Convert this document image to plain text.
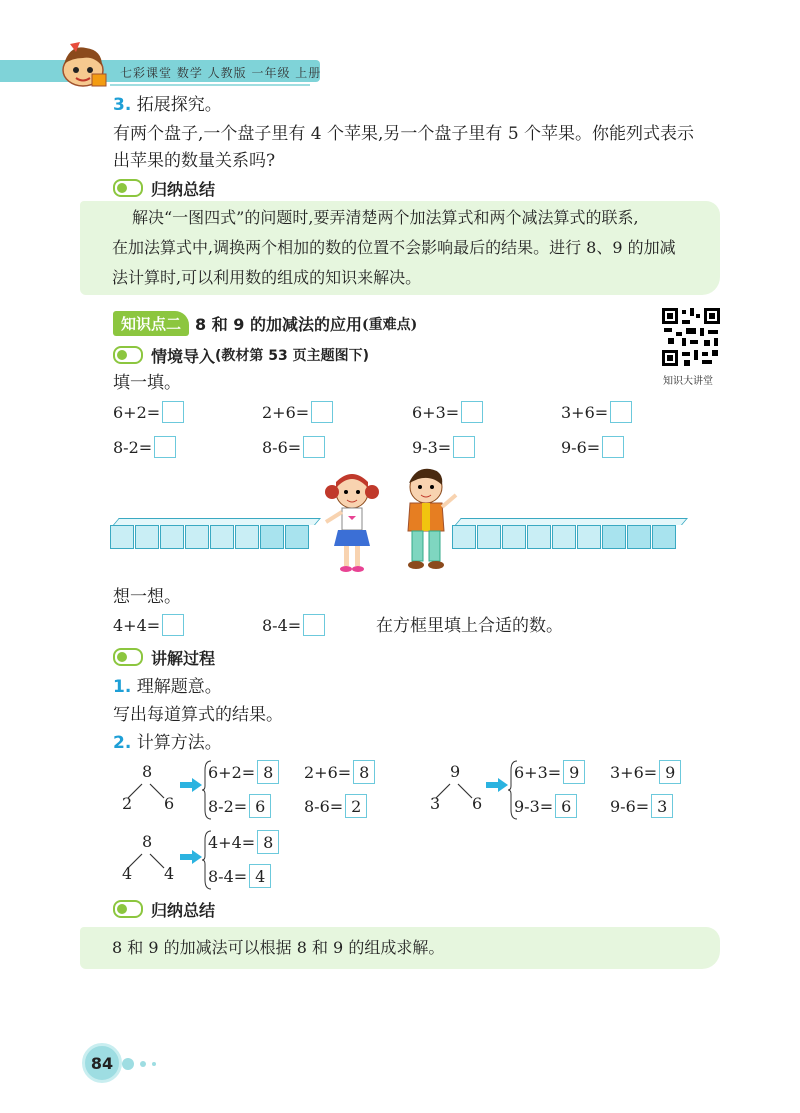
七彩课堂 数学 人教版 一年级 上册
3. 拓展探究。
有两个盘子,一个盘子里有 4 个苹果,另一个盘子里有 5 个苹果。你能列式表示
出苹果的数量关系吗?
归纳总结
解决“一图四式”的问题时,要弄清楚两个加法算式和两个减法算式的联系,
在加法算式中,调换两个相加的数的位置不会影响最后的结果。进行 8、9 的加减
法计算时,可以利用数的组成的知识来解决。
知识点二 8 和 9 的加减法的应用 (重难点)
知识大讲堂
情境导入 (教材第 53 页主题图下)
填一填。
6+2=	2+6=	6+3=	3+6=
8-2=	8-6=	9-3=	9-6=
想一想。
4+4=	8-4=	在方框里填上合适的数。
讲解过程
1. 理解题意。
写出每道算式的结果。
2. 计算方法。
8
2 6
6+2= 8	2+6= 8
8-2= 6	8-6= 2
9
3 6
6+3= 9	3+6= 9
9-3= 6	9-6= 3
8
4 4
4+4= 8
8-4= 4
归纳总结
8 和 9 的加减法可以根据 8 和 9 的组成求解。
84
